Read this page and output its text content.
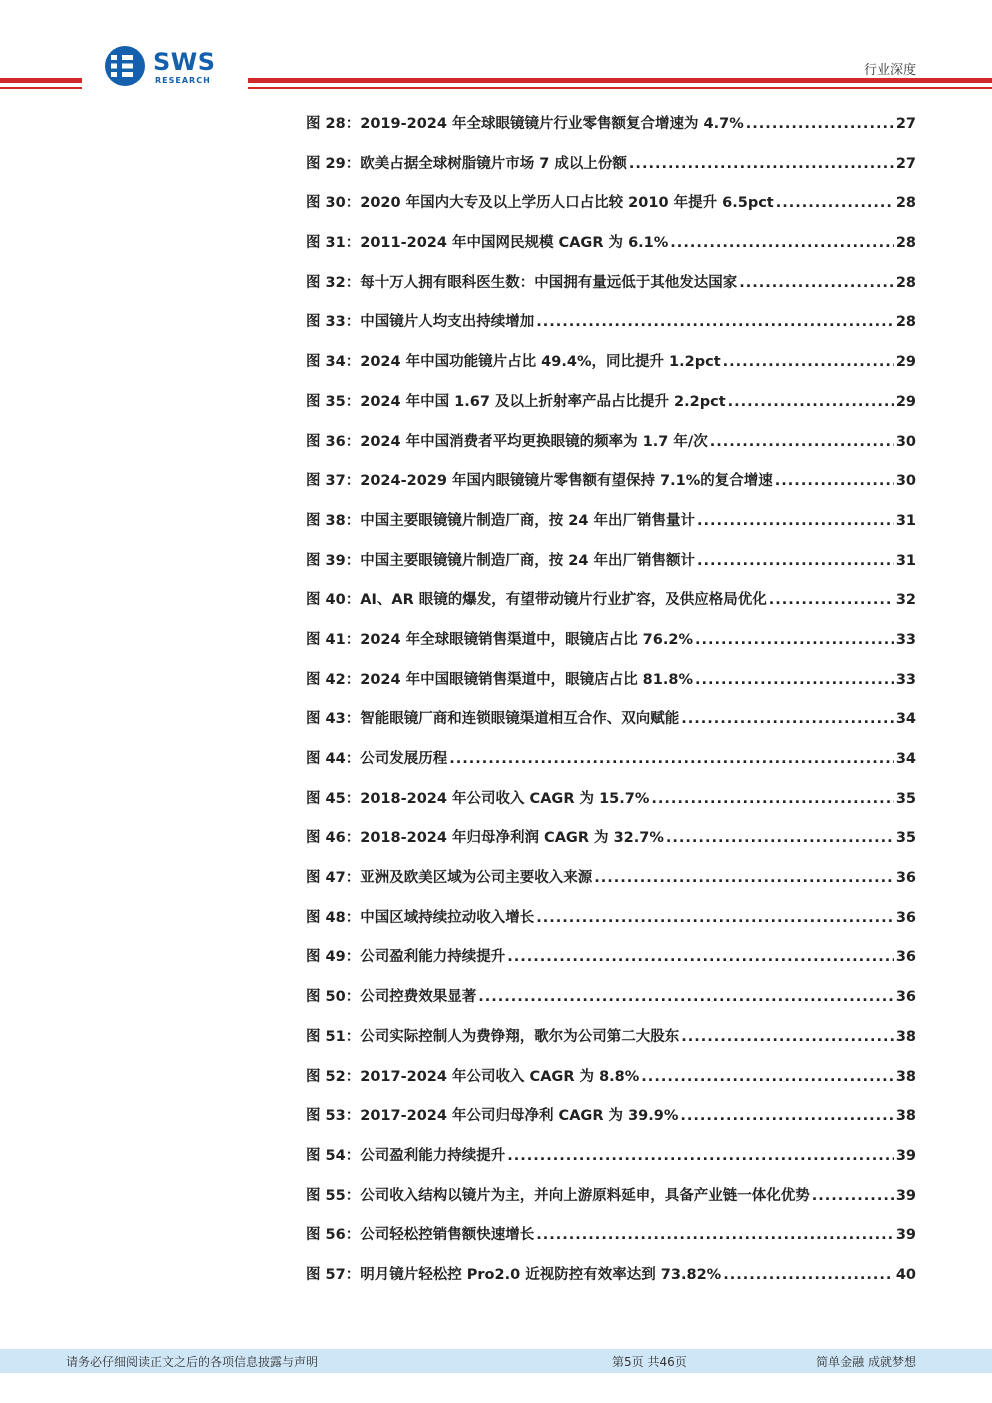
SWS
RESEARCH
行业深度
图 28：2019-2024 年全球眼镜镜片行业零售额复合增速为 4.7% .....	27
图 29：欧美占据全球树脂镜片市场 7 成以上份额 .....	27
图 30：2020 年国内大专及以上学历人口占比较 2010 年提升 6.5pct .....	28
图 31：2011-2024 年中国网民规模 CAGR 为 6.1% .....	28
图 32：每十万人拥有眼科医生数：中国拥有量远低于其他发达国家 .....	28
图 33：中国镜片人均支出持续增加 .....	28
图 34：2024 年中国功能镜片占比 49.4%，同比提升 1.2pct .....	29
图 35：2024 年中国 1.67 及以上折射率产品占比提升 2.2pct .....	29
图 36：2024 年中国消费者平均更换眼镜的频率为 1.7 年/次 .....	30
图 37：2024-2029 年国内眼镜镜片零售额有望保持 7.1%的复合增速 .....	30
图 38：中国主要眼镜镜片制造厂商，按 24 年出厂销售量计 .....	31
图 39：中国主要眼镜镜片制造厂商，按 24 年出厂销售额计 .....	31
图 40：AI、AR 眼镜的爆发，有望带动镜片行业扩容，及供应格局优化 .....	32
图 41：2024 年全球眼镜销售渠道中，眼镜店占比 76.2% .....	33
图 42：2024 年中国眼镜销售渠道中，眼镜店占比 81.8% .....	33
图 43：智能眼镜厂商和连锁眼镜渠道相互合作、双向赋能 .....	34
图 44：公司发展历程 .....	34
图 45：2018-2024 年公司收入 CAGR 为 15.7% .....	35
图 46：2018-2024 年归母净利润 CAGR 为 32.7% .....	35
图 47：亚洲及欧美区域为公司主要收入来源 .....	36
图 48：中国区域持续拉动收入增长 .....	36
图 49：公司盈利能力持续提升 .....	36
图 50：公司控费效果显著 .....	36
图 51：公司实际控制人为费铮翔，歌尔为公司第二大股东 .....	38
图 52：2017-2024 年公司收入 CAGR 为 8.8% .....	38
图 53：2017-2024 年公司归母净利 CAGR 为 39.9% .....	38
图 54：公司盈利能力持续提升 .....	39
图 55：公司收入结构以镜片为主，并向上游原料延申，具备产业链一体化优势 .....	39
图 56：公司轻松控销售额快速增长 .....	39
图 57：明月镜片轻松控 Pro2.0 近视防控有效率达到 73.82% .....	40
请务必仔细阅读正文之后的各项信息披露与声明	第5页 共46页	简单金融 成就梦想
